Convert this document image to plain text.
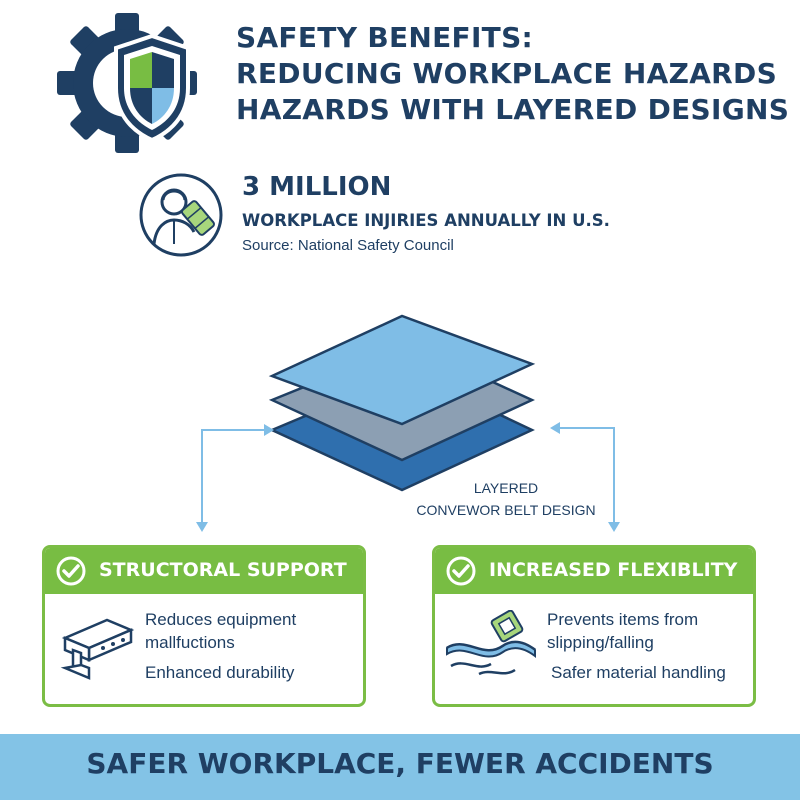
SAFETY BENEFITS:
REDUCING WORKPLACE HAZARDS
HAZARDS WITH LAYERED DESIGNS
3 MILLION
WORKPLACE INJIRIES ANNUALLY IN U.S.
Source: National Safety Council
LAYERED
CONVEWOR BELT DESIGN
STRUCTORAL SUPPORT
Reduces equipment
mallfuctions
Enhanced durability
INCREASED FLEXIBLITY
Prevents items from
slipping/falling
Safer material handling
SAFER WORKPLACE, FEWER ACCIDENTS
